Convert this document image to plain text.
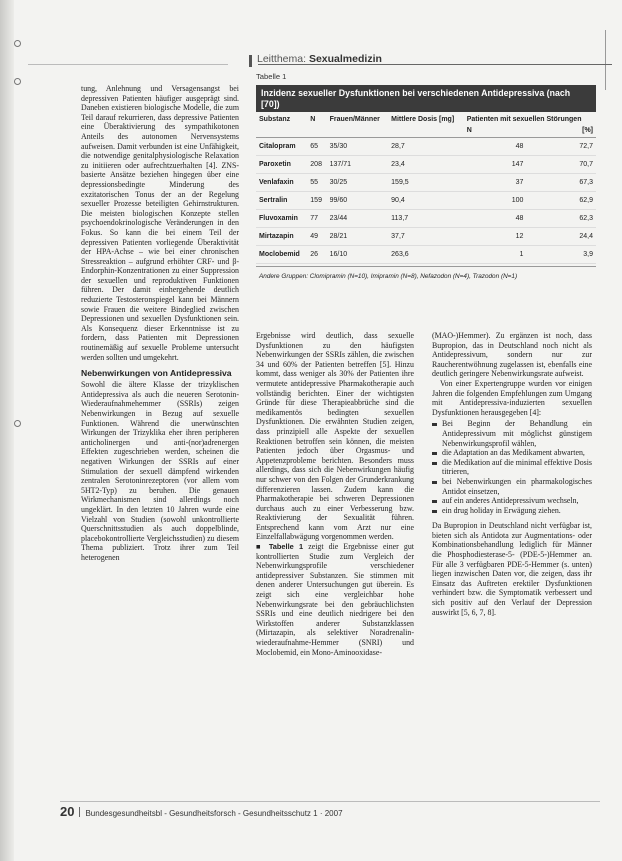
Leitthema: Sexualmedizin

tung, Anlehnung und Versagensangst bei depressiven Patienten häufiger ausgeprägt sind. Daneben existieren biologische Modelle, die zum Teil darauf rekurrieren, dass depressive Patienten eine Überaktivierung des sympathikotonen Anteils des autonomen Nervensystems aufweisen. Damit verbunden ist eine Unfähigkeit, die notwendige genitalphysiologische Relaxation zu initiieren oder aufrechtzuerhalten [4]. ZNS-basierte Ansätze beziehen hingegen über eine depressionsbedingte Minderung des exzitatorischen Tonus der an der Regelung sexueller Prozesse beteiligten Gehirnstrukturen. Die meisten biologischen Konzepte stellen psychoendokrinologische Veränderungen in den Fokus. So kann die bei einem Teil der depressiven Patienten vorliegende Überaktivität der HPA-Achse – wie bei einer chronischen Stressreaktion – aufgrund erhöhter CRF- und β-Endorphin-Konzentrationen zu einer Suppression der sexuellen und reproduktiven Funktionen führen. Der damit einhergehende deutlich reduzierte Testosteronspiegel kann bei Männern sowie Frauen die weitere Bindeglied zwischen Depressionen und sexuellen Dysfunktionen sein. Als Konsequenz dieser Erkenntnisse ist zu fordern, dass Patienten mit Depressionen routinemäßig auf sexuelle Probleme untersucht werden sollten und umgekehrt.

Nebenwirkungen von Antidepressiva

Sowohl die ältere Klasse der trizyklischen Antidepressiva als auch die neueren Serotonin-Wiederaufnahmehemmer (SSRIs) zeigen Nebenwirkungen in Bezug auf sexuelle Funktionen. Während die unerwünschten Wirkungen der Trizyklika eher ihren peripheren anticholinergen und anti-(nor)adrenergen Effekten zugeschrieben werden, scheinen die negativen Wirkungen der SSRIs auf einer Stimulation der sexuell dämpfend wirkenden zentralen Serotoninrezeptoren (vor allem vom 5HT2-Typ) zu beruhen. Die genauen Wirkmechanismen sind allerdings noch ungeklärt. In den letzten 10 Jahren wurde eine Vielzahl von Studien (sowohl unkontrollierte Querschnittsstudien als auch doppelblinde, placebokontrollierte Vergleichsstudien) zu diesem Thema publiziert. Trotz ihrer zum Teil heterogenen

Tabelle 1
Inzidenz sexueller Dysfunktionen bei verschiedenen Antidepressiva (nach [70])
Substanz	N	Frauen/Männer	Mittlere Dosis [mg]	Patienten mit sexuellen Störungen	
				N	[%]
Citalopram	65	35/30	28,7	48	72,7
Paroxetin	208	137/71	23,4	147	70,7
Venlafaxin	55	30/25	159,5	37	67,3
Sertralin	159	99/60	90,4	100	62,9
Fluvoxamin	77	23/44	113,7	48	62,3
Mirtazapin	49	28/21	37,7	12	24,4
Moclobemid	26	16/10	263,6	1	3,9
Andere Gruppen: Clomipramin (N=10), Imipramin (N=8), Nefazodon (N=4), Trazodon (N=1)

Ergebnisse wird deutlich, dass sexuelle Dysfunktionen zu den häufigsten Nebenwirkungen der SSRIs zählen, die zwischen 34 und 60% der Patienten betreffen [5]. Hinzu kommt, dass weniger als 30% der Patienten ihre vermutete antidepressive Pharmakotherapie auch vollständig berichten. Einer der wichtigsten Gründe für diese Therapieabbrüche sind die medikamentös bedingten sexuellen Dysfunktionen. Die erwähnten Studien zeigen, dass prinzipiell alle Aspekte der sexuellen Reaktionen betroffen sein können, die meisten Patienten jedoch über Orgasmus- und Appetenzprobleme berichten. Besonders muss allerdings, dass sich die Nebenwirkungen häufig nur schwer von den Folgen der Grunderkrankung differenzieren lassen. Zudem kann die Pharmakotherapie bei schweren Depressionen durchaus auch zu einer Verbesserung bzw. Reaktivierung der Sexualität führen. Entsprechend kann vom Arzt nur eine Einzelfallabwägung vorgenommen werden.

■ Tabelle 1 zeigt die Ergebnisse einer gut kontrollierten Studie zum Vergleich der Nebenwirkungsprofile verschiedener antidepressiver Substanzen. Sie stimmen mit denen anderer Untersuchungen gut überein. Es zeigt sich eine vergleichbar hohe Nebenwirkungsrate bei den gebräuchlichsten SSRIs und eine deutlich niedrigere bei den Wirkstoffen anderer Substanzklassen (Mirtazapin, als selektiver Noradrenalin-wiederaufnahme-Hemmer (SNRI) und Moclobemid, ein Mono-Aminooxidase-

(MAO-)Hemmer). Zu ergänzen ist noch, dass Bupropion, das in Deutschland noch nicht als Antidepressivum, sondern nur zur Raucherentwöhnung zugelassen ist, ebenfalls eine deutlich geringere Nebenwirkungsrate aufweist.

Von einer Expertengruppe wurden vor einigen Jahren die folgenden Empfehlungen zum Umgang mit Antidepressiva-induzierten sexuellen Dysfunktionen herausgegeben [4]:

Bei Beginn der Behandlung ein Antidepressivum mit möglichst günstigem Nebenwirkungsprofil wählen,
die Adaptation an das Medikament abwarten,
die Medikation auf die minimal effektive Dosis titrieren,
bei Nebenwirkungen ein pharmakologisches Antidot einsetzen,
auf ein anderes Antidepressivum wechseln,
ein drug holiday in Erwägung ziehen.

Da Bupropion in Deutschland nicht verfügbar ist, bieten sich als Antidota zur Augmentations- oder Kombinationsbehandlung lediglich für Männer die Phosphodiesterase-5- (PDE-5-)Hemmer an. Für alle 3 verfügbaren PDE-5-Hemmer (s. unten) liegen inzwischen Daten vor, die zeigen, dass ihr Einsatz das Auftreten erektiler Dysfunktionen verhindert bzw. die Symptomatik verbessert und sich positiv auf den Verlauf der Depression auswirkt [5, 6, 7, 8].

20 Bundesgesundheitsbl - Gesundheitsforsch - Gesundheitsschutz 1 · 2007
